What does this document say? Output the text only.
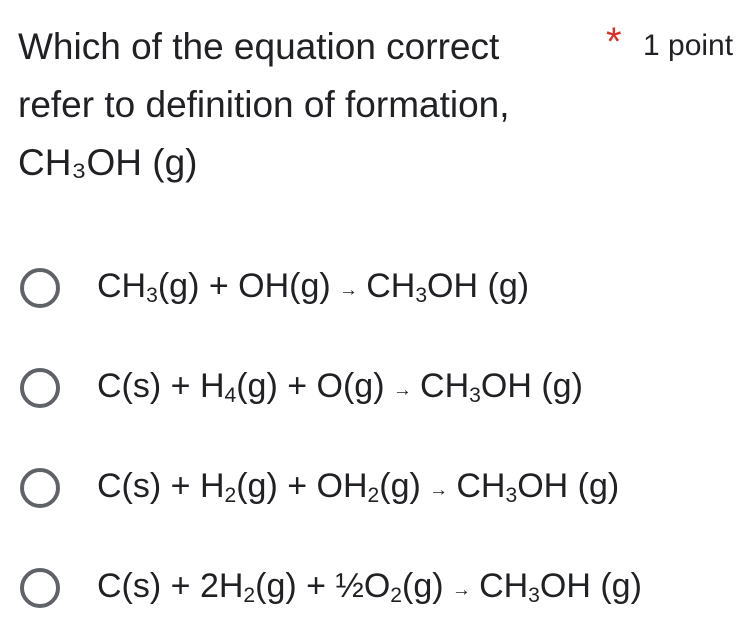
Which of the equation correct
refer to definition of formation,
CH₃OH (g)
* 1 point
CH3(g) + OH(g) → CH3OH (g)
C(s) + H4(g) + O(g) → CH3OH (g)
C(s) + H2(g) + OH2(g) → CH3OH (g)
C(s) + 2H2(g) + ½O2(g) → CH3OH (g)
